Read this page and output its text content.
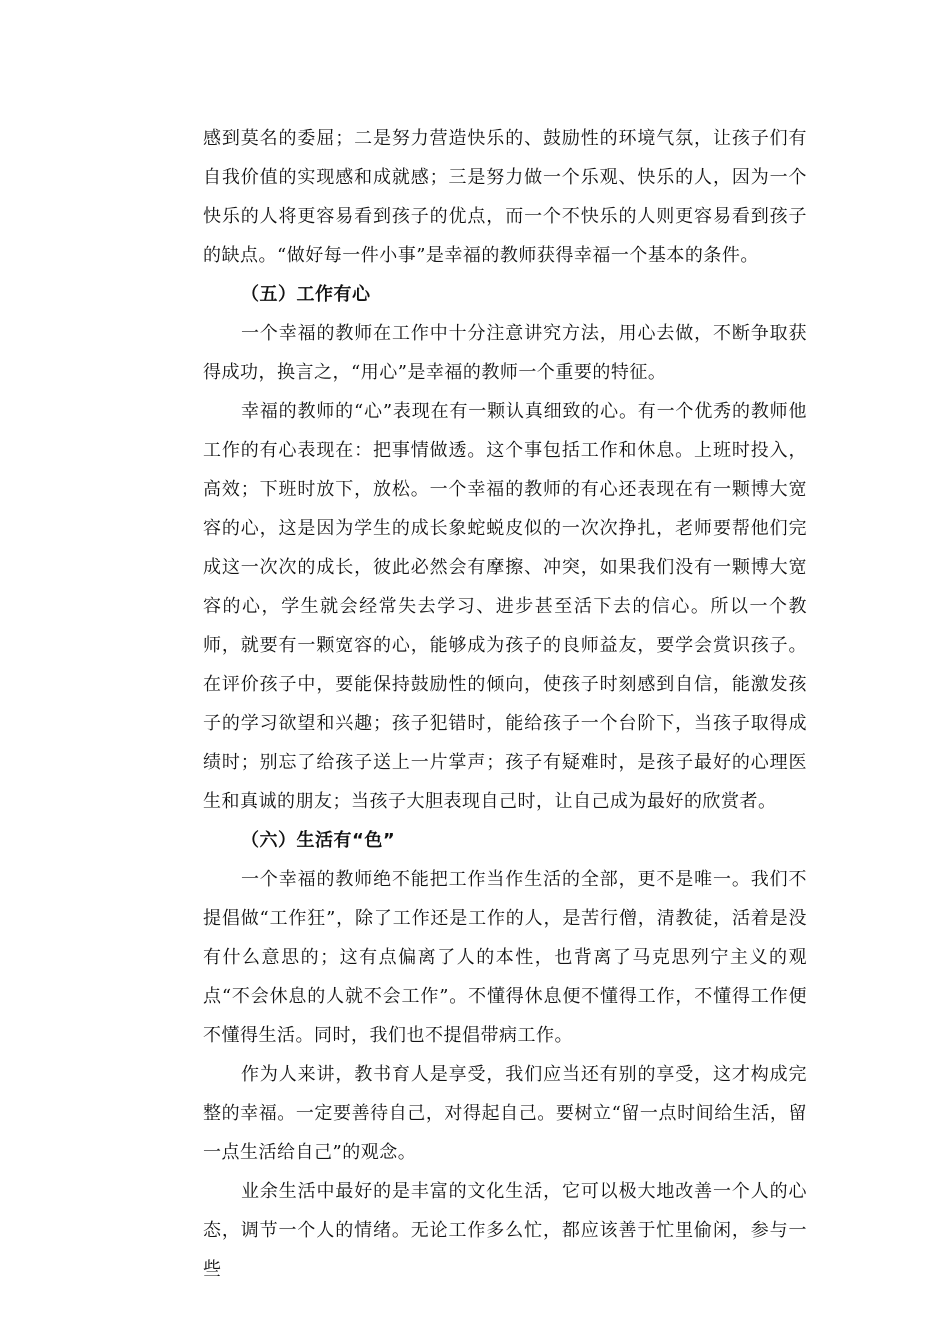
感到莫名的委屈；二是努力营造快乐的、鼓励性的环境气氛，让孩子们有自我价值的实现感和成就感；三是努力做一个乐观、快乐的人，因为一个快乐的人将更容易看到孩子的优点，而一个不快乐的人则更容易看到孩子的缺点。“做好每一件小事”是幸福的教师获得幸福一个基本的条件。

（五）工作有心

一个幸福的教师在工作中十分注意讲究方法，用心去做，不断争取获得成功，换言之，“用心”是幸福的教师一个重要的特征。

幸福的教师的“心”表现在有一颗认真细致的心。有一个优秀的教师他工作的有心表现在：把事情做透。这个事包括工作和休息。上班时投入，高效；下班时放下，放松。一个幸福的教师的有心还表现在有一颗博大宽容的心，这是因为学生的成长象蛇蜕皮似的一次次挣扎，老师要帮他们完成这一次次的成长，彼此必然会有摩擦、冲突，如果我们没有一颗博大宽容的心，学生就会经常失去学习、进步甚至活下去的信心。所以一个教师，就要有一颗宽容的心，能够成为孩子的良师益友，要学会赏识孩子。在评价孩子中，要能保持鼓励性的倾向，使孩子时刻感到自信，能激发孩子的学习欲望和兴趣；孩子犯错时，能给孩子一个台阶下，当孩子取得成绩时；别忘了给孩子送上一片掌声；孩子有疑难时，是孩子最好的心理医生和真诚的朋友；当孩子大胆表现自己时，让自己成为最好的欣赏者。

（六）生活有“色”

一个幸福的教师绝不能把工作当作生活的全部，更不是唯一。我们不提倡做“工作狂”，除了工作还是工作的人，是苦行僧，清教徒，活着是没有什么意思的；这有点偏离了人的本性，也背离了马克思列宁主义的观点“不会休息的人就不会工作”。不懂得休息便不懂得工作，不懂得工作便不懂得生活。同时，我们也不提倡带病工作。

作为人来讲，教书育人是享受，我们应当还有别的享受，这才构成完整的幸福。一定要善待自己，对得起自己。要树立“留一点时间给生活，留一点生活给自己”的观念。

业余生活中最好的是丰富的文化生活，它可以极大地改善一个人的心态，调节一个人的情绪。无论工作多么忙，都应该善于忙里偷闲，参与一些
